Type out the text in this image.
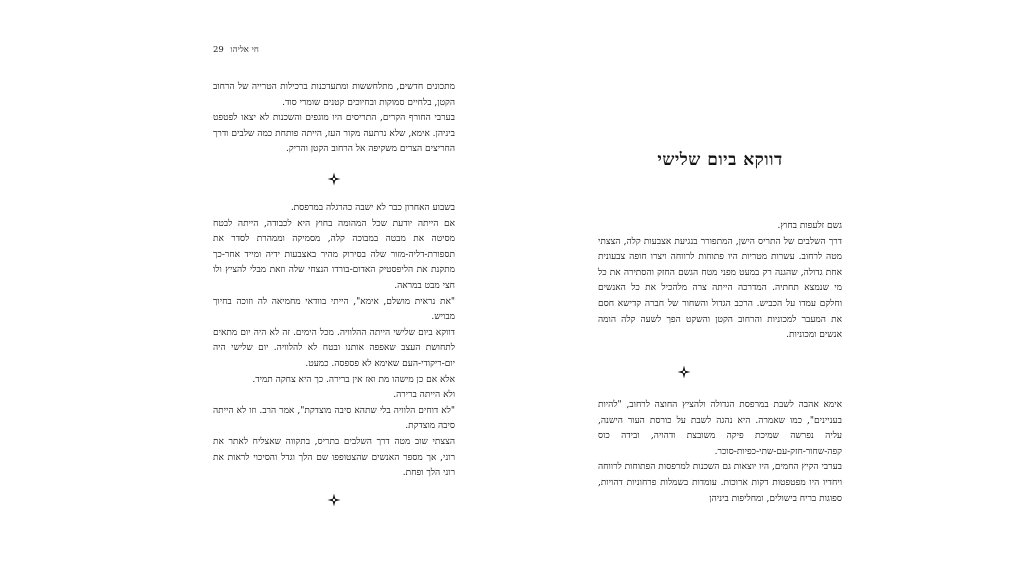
29 חי אליהו

מתכונים חדשים, מתלחששות ומתעדכנות ברכילות הטרייה של הרחוב הקטן, בלחיים סמוקות ובחיוכים קטנים שומרי סוד.

בערבי החורף הקרים, התריסים היו מוגפים והשכנות לא יצאו לפטפט ביניהן. אימא, שלא נרתעה מקור העז, הייתה פותחת כמה שלבים ודרך החריצים הצרים משקיפה אל הרחוב הקטן והריק.

בשבוע האחרון כבר לא ישבה כהרגלה במרפסת.

אם הייתה יודעת שכל המהומה בחוץ היא לכבודה, הייתה לבטח מסיטה את מבטה במבוכה קלה, מסמיקה וממהרת לסדר את תספורת-דליה-מזור שלה בסירוק מהיר באצבעות ידיה ומייד אחר-כך מתקנת את הליפסטיק האדום-בורדו הנצחי שלה וזאת מבלי להציץ ולו חצי מבט במראה.

"את נראית מושלם, אימא", הייתי בוודאי מחמיאה לה וזוכה בחיוך מבויש.

דווקא ביום שלישי הייתה ההלוויה. מכל הימים. זה לא היה יום מתאים לתחושת העצב שאפפה אותנו ובטח לא להלוויה. יום שלישי היה יום-ריקודי-העם שאימא לא פספסה. כמעט.

אלא אם כן מישהו מת ואז אין ברירה. כך היא צחקה תמיד.

ולא הייתה ברירה.

"לא דוחים הלוויה בלי שתהא סיבה מוצדקת", אמר הרב. וזו לא הייתה סיבה מוצדקת.

הצצתי שוב מטה דרך השלבים בתריס, בתקווה שאצליח לאתר את רוני, אך מספר האנשים שהצטופפו שם הלך וגדל והסיכוי לראות את רוני הלך ופחת.

דווקא ביום שלישי

גשם זלעפות בחוץ.

דרך השלבים של התריס הישן, המתפורר בנגיעת אצבעות קלה, הצצתי מטה לרחוב. עשרות מטריות היו פתוחות לרווחה ויצרו חופה צבעונית אחת גדולה, שהגנה רק במעט מפני מטח הגשם החזק והסתירה את כל מי שנמצא תחתיה. המדרכה הייתה צרה מלהכיל את כל האנשים וחלקם עמדו על הכביש. הרכב הגדול והשחור של חברה קדישא חסם את המעבר למכוניות והרחוב הקטן והשקט הפך לשעה קלה הומה אנשים ומכוניות.

אימא אהבה לשבת במרפסת הגדולה ולהציץ החוצה לרחוב, "להיות בעניינים", כמו שאמרה. היא נהגה לשבת על כורסת העור הישנה, עליה נפרשה שמיכת פיקה משובצת ודהויה, ובידה כוס קפה-שחור-חזק-עם-שתי-כפיות-סוכר.

בערבי הקיץ החמים, היו יוצאות גם השכנות למרפסות הפתוחות לרווחה ויחדיו היו מפטפטות דקות ארוכות. עומדות בשמלות פרחוניות דהויות, ספוגות בריח בישולים, ומחליפות ביניהן
